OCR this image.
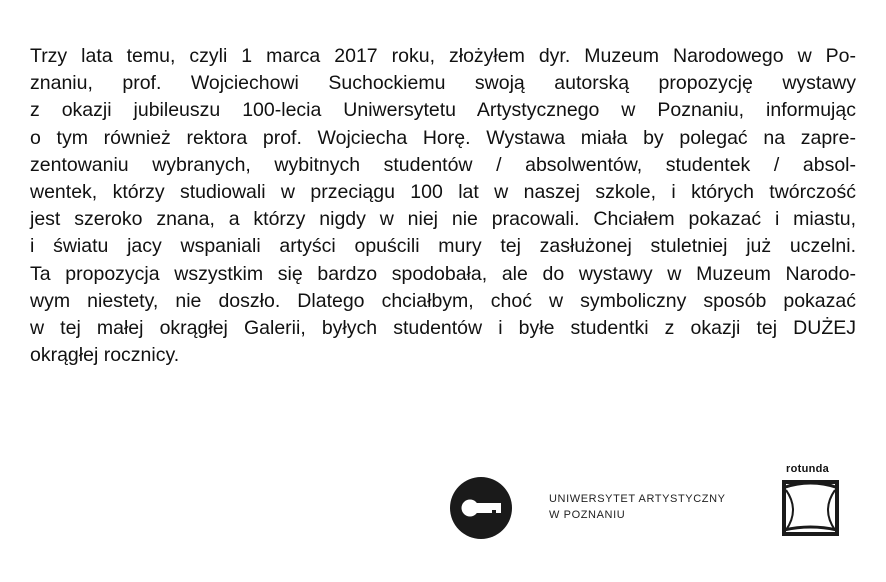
Trzy lata temu, czyli 1 marca 2017 roku, złożyłem dyr. Muzeum Narodowego w Po-
znaniu, prof. Wojciechowi Suchockiemu swoją autorską propozycję wystawy
z okazji jubileuszu 100-lecia Uniwersytetu Artystycznego w Poznaniu, informując
o tym również rektora prof. Wojciecha Horę. Wystawa miała by polegać na zapre-
zentowaniu wybranych, wybitnych studentów / absolwentów, studentek / absol-
wentek, którzy studiowali w przeciągu 100 lat w naszej szkole, i których twórczość
jest szeroko znana, a którzy nigdy w niej nie pracowali. Chciałem pokazać i miastu,
i światu jacy wspaniali artyści opuścili mury tej zasłużonej stuletniej już uczelni.
Ta propozycja wszystkim się bardzo spodobała, ale do wystawy w Muzeum Narodo-
wym niestety, nie doszło. Dlatego chciałbym, choć w symboliczny sposób pokazać
w tej małej okrągłej Galerii, byłych studentów i byłe studentki z okazji tej DUŻEJ
okrągłej rocznicy.
UNIWERSYTET ARTYSTYCZNY
W POZNANIU
rotunda
